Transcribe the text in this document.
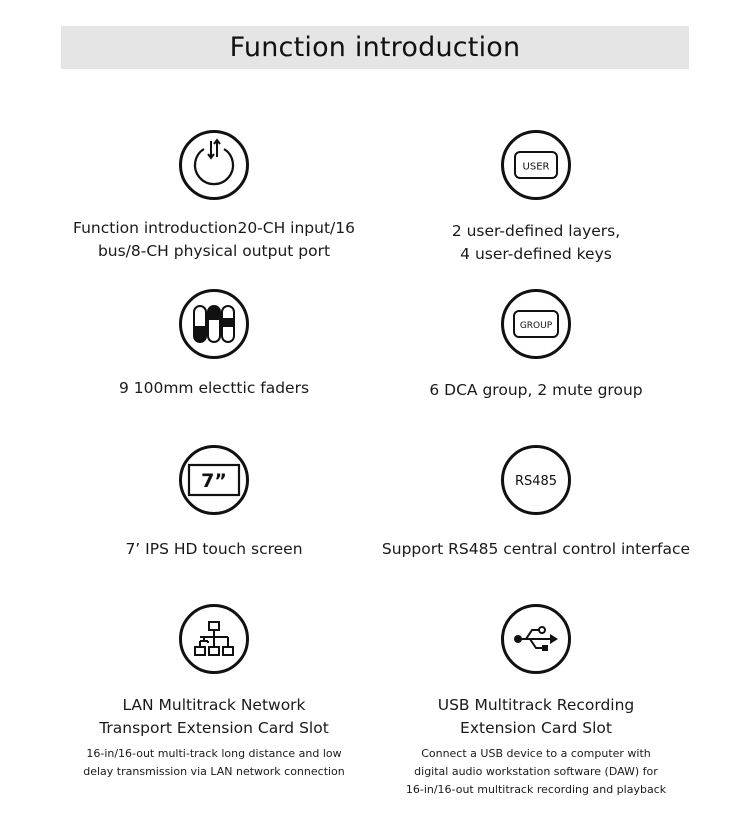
Function introduction
Function introduction20-CH input/16
bus/8-CH physical output port
USER
2 user-defined layers,
4 user-defined keys
9 100mm electtic faders
GROUP
6 DCA group, 2 mute group
7”
7’ IPS HD touch screen
RS485
Support RS485 central control interface
LAN Multitrack Network
Transport Extension Card Slot
16-in/16-out multi-track long distance and low
delay transmission via LAN network connection
USB Multitrack Recording
Extension Card Slot
Connect a USB device to a computer with
digital audio workstation software (DAW) for
16-in/16-out multitrack recording and playback
